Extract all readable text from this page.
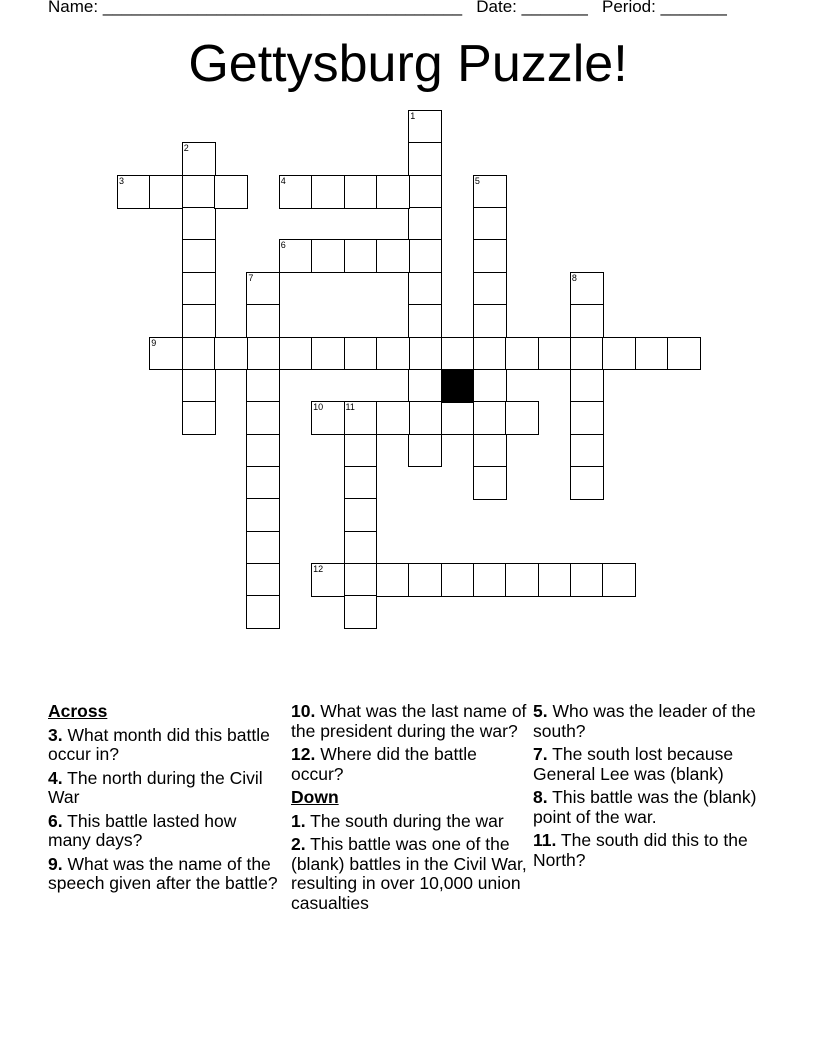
Name: ______________________________________ Date: _______ Period: _______
Gettysburg Puzzle!
1
2
3	4	5
6
7	8
9
10 11
12
Across
3. What month did this battle occur in?
4. The north during the Civil War
6. This battle lasted how many days?
9. What was the name of the speech given after the battle?
10. What was the last name of the president during the war?
12. Where did the battle occur?
Down
1. The south during the war
2. This battle was one of the (blank) battles in the Civil War, resulting in over 10,000 union casualties
5. Who was the leader of the south?
7. The south lost because General Lee was (blank)
8. This battle was the (blank) point of the war.
11. The south did this to the North?
